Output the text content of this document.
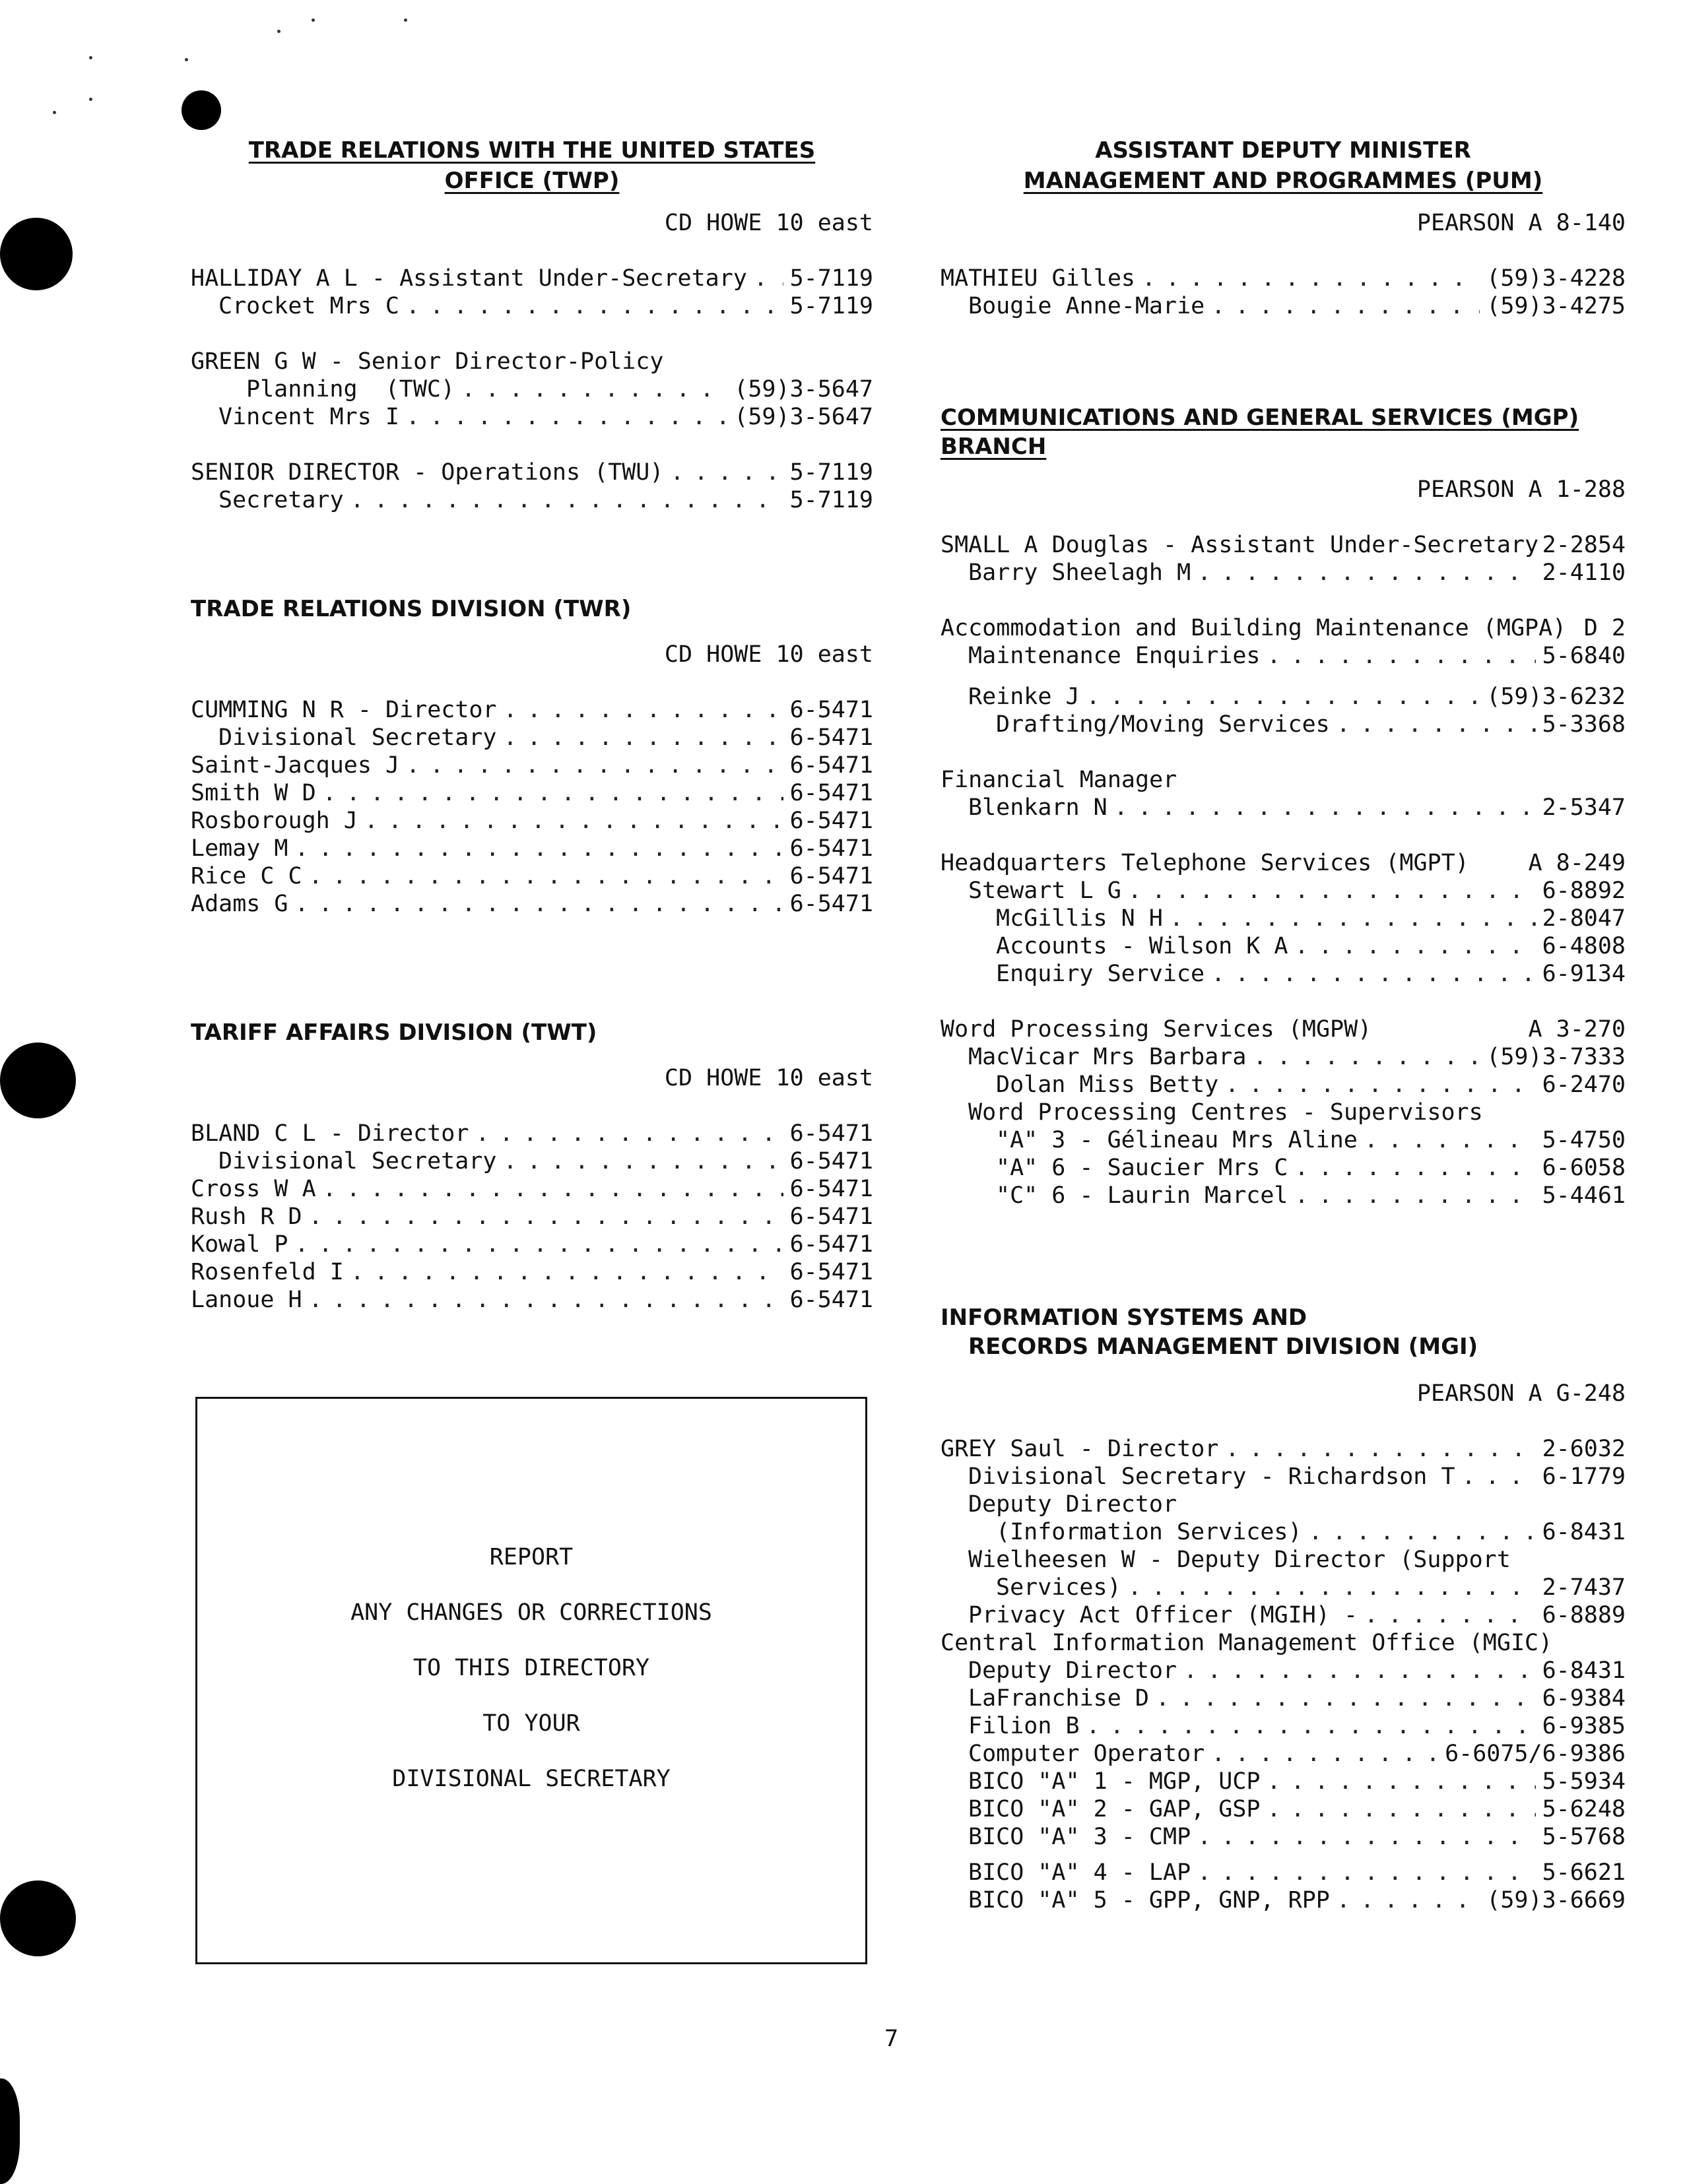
TRADE RELATIONS WITH THE UNITED STATES
OFFICE (TWP)
CD HOWE 10 east
HALLIDAY A L - Assistant Under-Secretary . . . 5-7119
Crocket Mrs C . . .	5-7119
GREEN G W - Senior Director-Policy
Planning  (TWC) . . .	(59)3-5647
Vincent Mrs I . . .	(59)3-5647
SENIOR DIRECTOR - Operations (TWU) . . .	5-7119
Secretary . . .	5-7119
TRADE RELATIONS DIVISION (TWR)
CD HOWE 10 east
CUMMING N R - Director . . .	6-5471
Divisional Secretary . . .	6-5471
Saint-Jacques J . . .	6-5471
Smith W D . . .	6-5471
Rosborough J . . .	6-5471
Lemay M . . .	6-5471
Rice C C . . .	6-5471
Adams G . . .	6-5471
TARIFF AFFAIRS DIVISION (TWT)
CD HOWE 10 east
BLAND C L - Director . . .	6-5471
Divisional Secretary . . .	6-5471
Cross W A . . .	6-5471
Rush R D . . .	6-5471
Kowal P . . .	6-5471
Rosenfeld I . . .	6-5471
Lanoue H . . .	6-5471
REPORT
ANY CHANGES OR CORRECTIONS
TO THIS DIRECTORY
TO YOUR
DIVISIONAL SECRETARY
ASSISTANT DEPUTY MINISTER
MANAGEMENT AND PROGRAMMES (PUM)
PEARSON A 8-140
MATHIEU Gilles . . .	(59)3-4228
Bougie Anne-Marie . . .	(59)3-4275
COMMUNICATIONS AND GENERAL SERVICES (MGP) BRANCH
PEARSON A 1-288
SMALL A Douglas - Assistant Under-Secretary 2-2854
Barry Sheelagh M . . .	2-4110
Accommodation and Building Maintenance (MGPA) D 2
Maintenance Enquiries . . .	5-6840
Reinke J . . .	(59)3-6232
Drafting/Moving Services . . .	5-3368
Financial Manager
Blenkarn N . . .	2-5347
Headquarters Telephone Services (MGPT)	A 8-249
Stewart L G . . .	6-8892
McGillis N H . . .	2-8047
Accounts - Wilson K A . . .	6-4808
Enquiry Service . . .	6-9134
Word Processing Services (MGPW)	A 3-270
MacVicar Mrs Barbara . . .	(59)3-7333
Dolan Miss Betty . . .	6-2470
Word Processing Centres - Supervisors
"A" 3 - Gélineau Mrs Aline . . .	5-4750
"A" 6 - Saucier Mrs C . . .	6-6058
"C" 6 - Laurin Marcel . . .	5-4461
INFORMATION SYSTEMS AND
RECORDS MANAGEMENT DIVISION (MGI)
PEARSON A G-248
GREY Saul - Director . . .	2-6032
Divisional Secretary - Richardson T . . .	6-1779
Deputy Director
(Information Services) . . .	6-8431
Wielheesen W - Deputy Director (Support
Services) . . .	2-7437
Privacy Act Officer (MGIH) - . . .	6-8889
Central Information Management Office (MGIC)
Deputy Director . . .	6-8431
LaFranchise D . . .	6-9384
Filion B . . .	6-9385
Computer Operator . . .	6-6075/6-9386
BICO "A" 1 - MGP, UCP . . .	5-5934
BICO "A" 2 - GAP, GSP . . .	5-6248
BICO "A" 3 - CMP . . .	5-5768
BICO "A" 4 - LAP . . .	5-6621
BICO "A" 5 - GPP, GNP, RPP . . .	(59)3-6669
7
